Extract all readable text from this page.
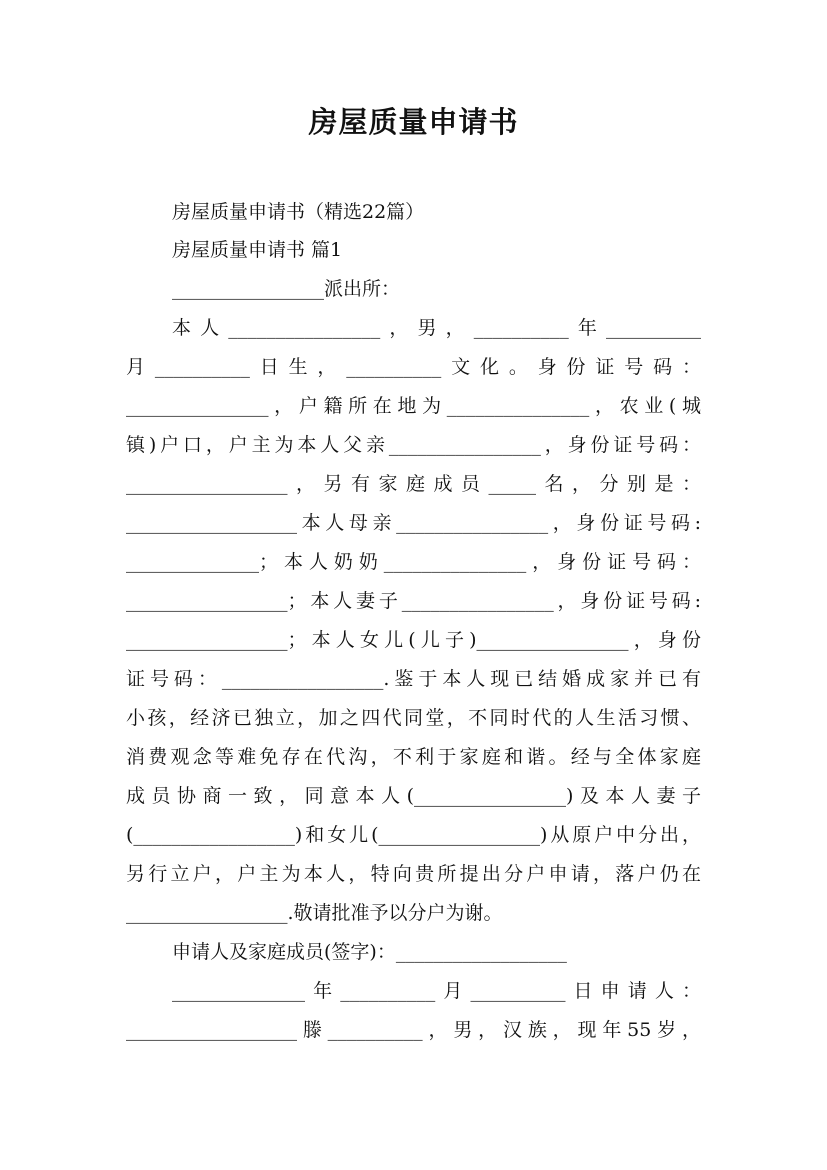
房屋质量申请书
房屋质量申请书（精选22篇）
房屋质量申请书 篇1
________________派出所：
本人________________，男，__________年__________
月__________日生，__________文化。身份证号码：
_______________，户籍所在地为_______________，农业(城
镇)户口，户主为本人父亲________________，身份证号码：
_________________，另有家庭成员_____名，分别是：
__________________本人母亲________________，身份证号码:
______________；本人奶奶_______________，身份证号码：
_________________；本人妻子________________，身份证号码:
_________________；本人女儿(儿子)________________，身份
证号码：_________________.鉴于本人现已结婚成家并已有
小孩，经济已独立，加之四代同堂，不同时代的人生活习惯、
消费观念等难免存在代沟，不利于家庭和谐。经与全体家庭
成员协商一致，同意本人(________________)及本人妻子
(_________________)和女儿(_________________)从原户中分出，
另行立户，户主为本人，特向贵所提出分户申请，落户仍在
_________________.敬请批准予以分户为谢。
申请人及家庭成员(签字)：__________________
______________年__________月__________日申请人：
__________________滕__________，男，汉族，现年55岁，
